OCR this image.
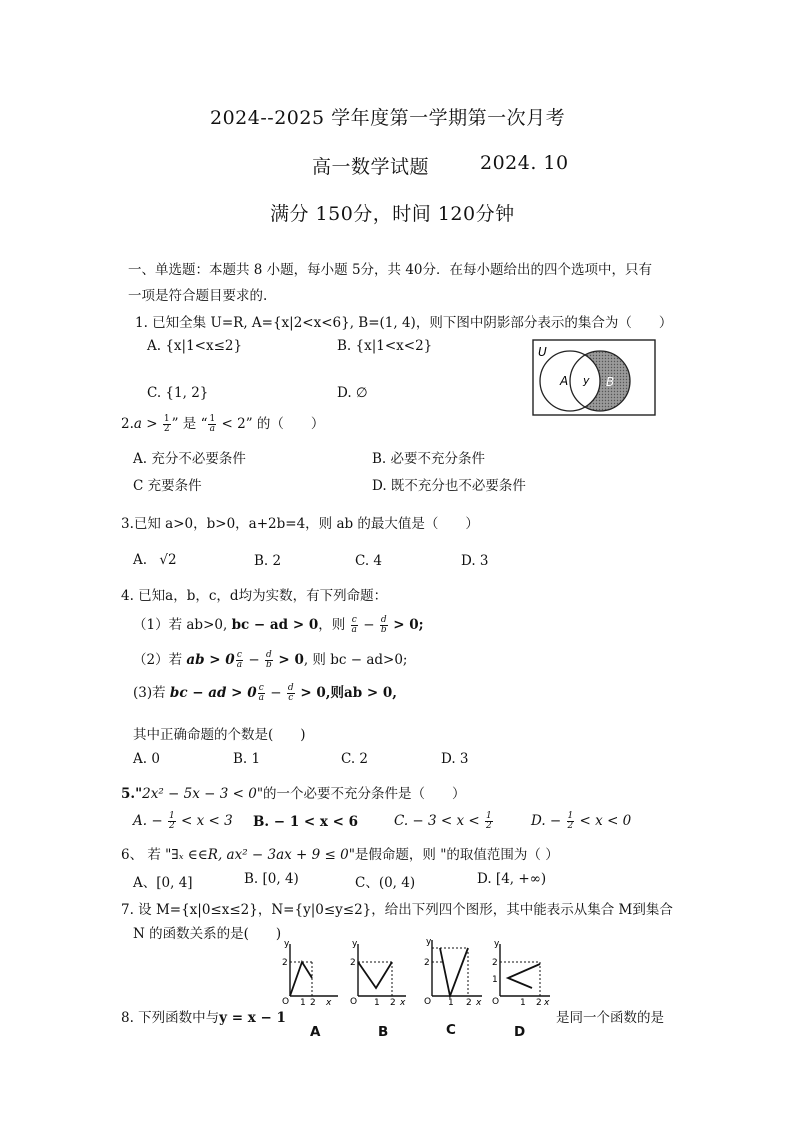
2024--2025 学年度第一学期第一次月考
高一数学试题	2024. 10
满分 150分，时间 120分钟
一、单选题：本题共 8 小题，每小题 5分，共 40分．在每小题给出的四个选项中，只有
一项是符合题目要求的.
1. 已知全集 U=R, A={x|2<x<6}, B=(1, 4)，则下图中阴影部分表示的集合为（　　）
A. {x|1<x≤2}	B. {x|1<x<2}
C. {1, 2}	D. ∅
U
A y B
$2.a > \frac{1}{2}$ ” 是 “ $\frac{1}{a} < 2$” 的（　　）
A. 充分不必要条件	B. 必要不充分条件
C 充要条件	D. 既不充分也不必要条件
3.已知 a>0，b>0，a+2b=4，则 ab 的最大值是（　　）
A. √2	B. 2	C. 4	D. 3
4. 已知a，b，c，d均为实数，有下列命题：
（1）若 ab>0, bc − ad > 0，则 $\frac{c}{a} - \frac{d}{b} > 0$;
（2）若 ab > $0 \frac{c}{a} - \frac{d}{b} > 0$, 则 bc − ad>0;
(3)若 bc − ad > $0 \frac{c}{a} - \frac{d}{c} > 0$,则ab > 0,
其中正确命题的个数是(　　)
A. 0	B. 1	C. 2	D. 3
5."2x² − 5x − 3 < 0"的一个必要不充分条件是（　　）
A. − $\frac{1}{2} < x < 3$ B. − 1 < x < 6	C. − $3 < x < \frac{1}{2}$	D. − $\frac{1}{2} < x < 0$
6、 若 "∃ₓ ∈∈R, ax² − 3ax + 9 ≤ 0"是假命题，则 "的取值范围为（ ）
A、[0, 4]	B. [0, 4)	C、(0, 4)	D. [4, +∞)
7. 设 M={x|0≤x≤2}，N={y|0≤y≤2}，给出下列四个图形，其中能表示从集合 M到集合
N 的函数关系的是(　　)
y
2
O 1 2 x
A
y
2
O 1 2 x
B
y
2
O 1 2 x
C
y
2
1
O 1 2 x
D
8. 下列函数中与y = x − 1	是同一个函数的是
